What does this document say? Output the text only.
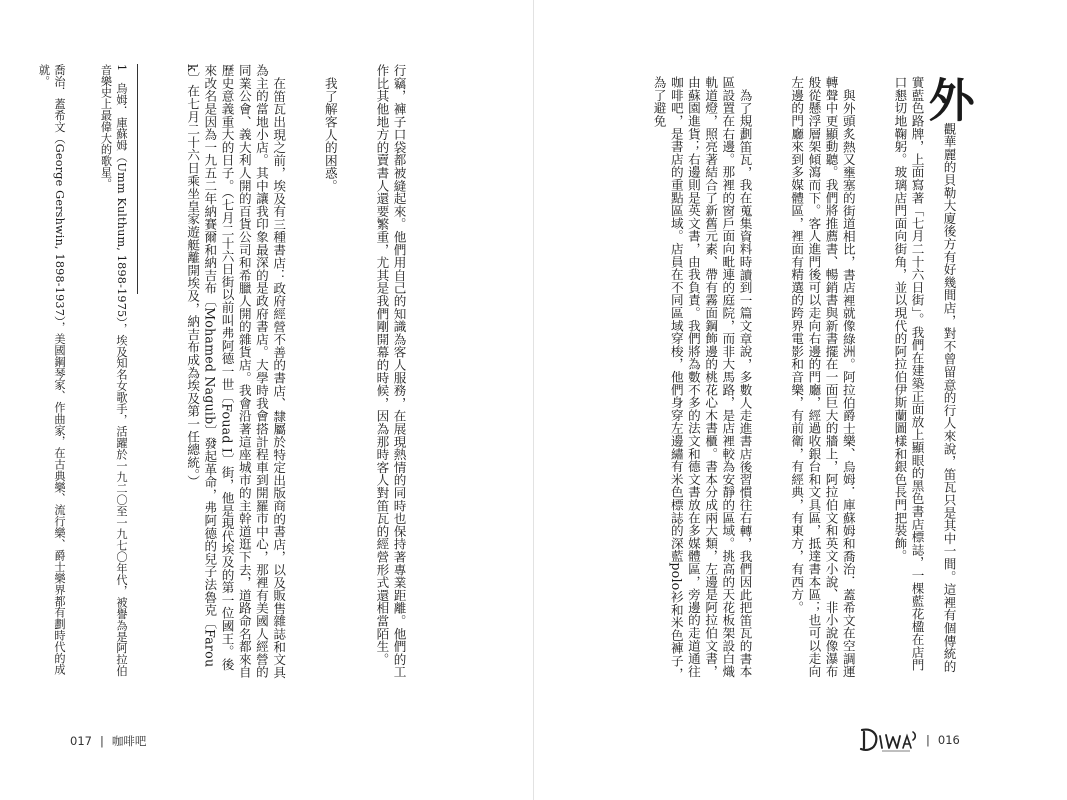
1　烏姆．庫蘇姆（Umm Kulthum, 1898-1975），埃及知名女歌手，活躍於一九二〇至一九七〇年代，被譽為是阿拉伯音樂史上最偉大的歌星。

喬治．蓋希文（George Gershwin, 1898-1937），美國鋼琴家、作曲家，在古典樂、流行樂、爵士樂界都有劃時代的成就。

	行竊，褲子口袋都被縫起來。他們用自己的知識為客人服務，在展現熱情的同時也保持著專業距離。他們的工作比其他地方的賣書人還要繁重，尤其是我們剛開幕的時候，因為那時客人對笛瓦的經營形式還相當陌生。

我了解客人的困惑。

在笛瓦出現之前，埃及有三種書店：政府經營不善的書店、隸屬於特定出版商的書店，以及販售雜誌和文具為主的當地小店。其中讓我印象最深的是政府書店。大學時我會搭計程車到開羅市中心，那裡有美國人經營的同業公會、義大利人開的百貨公司和希臘人開的雜貨店。我會沿著這座城市的主幹道逛下去，道路命名都來自歷史意義重大的日子。（七月二十六日街以前叫弗阿德一世〔Fouad I〕街，他是現代埃及的第一位國王。後來改名是因為一九五二年納賽爾和納吉布〔Mohamed Naguib〕發起革命，弗阿德的兒子法魯克〔Farouk〕在七月二十六日乘坐皇家遊艇離開埃及，納吉布成為埃及第一任總統。）

017 | 咖啡吧

外觀華麗的貝勒大廈後方有好幾間店，對不曾留意的行人來說，笛瓦只是其中一間。這裡有個傳統的實藍色路牌，上面寫著「七月二十六日街」。我們在建築正面放上顯眼的黑色書店標誌，一棵藍花楹在店門口懇切地鞠躬。玻璃店門面向街角，並以現代的阿拉伯伊斯蘭圖樣和銀色長門把裝飾。

與外頭炙熱又壅塞的街道相比，書店裡就像綠洲。阿拉伯爵士樂、烏姆．庫蘇姆和喬治．蓋希文在空調運轉聲中更顯動聽。我們將推薦書、暢銷書與新書擺在一面巨大的牆上，阿拉伯文和英文小說、非小說像瀑布般從懸浮層架傾瀉而下。客人進門後可以走向右邊的門廳，經過收銀台和文具區，抵達書本區；也可以走向左邊的門廳來到多媒體區，裡面有精選的跨界電影和音樂，有前衛，有經典，有東方，有西方。

為了規劃笛瓦，我在蒐集資料時讀到一篇文章說，多數人走進書店後習慣往右轉，我們因此把笛瓦的書本區設置在右邊。那裡的窗戶面向毗連的庭院，而非大馬路，是店裡較為安靜的區域。挑高的天花板架設白熾軌道燈，照亮著結合了新舊元素、帶有霧面鋼飾邊的桃花心木書櫃。書本分成兩大類，左邊是阿拉伯文書，由蘇園進貨；右邊則是英文書，由我負責。我們將為數不多的法文和德文書放在多媒體區，旁邊的走道通往咖啡吧，是書店的重點區域。店員在不同區域穿梭，他們身穿左邊繡有米色標誌的深藍polo衫和米色褲子，為了避免

| 016
